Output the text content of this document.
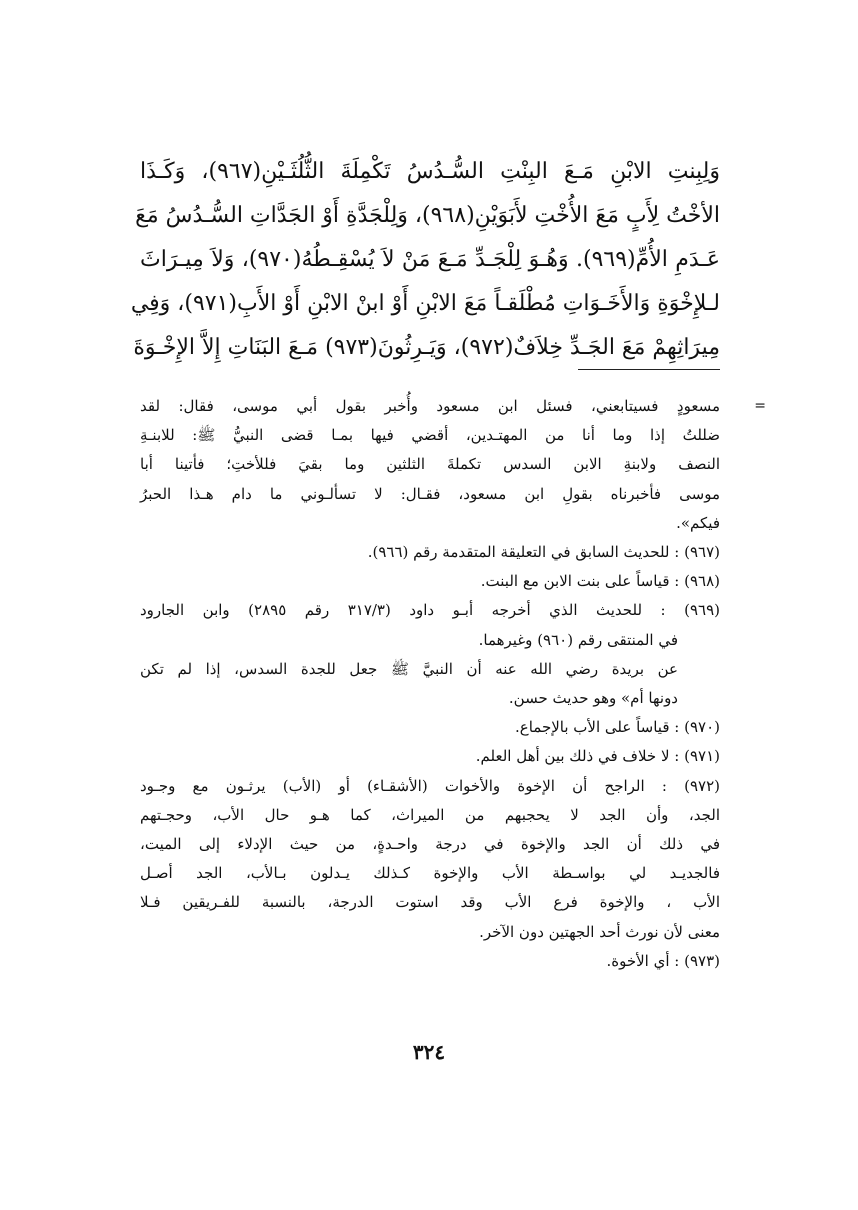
وَلِبِنتِ الابْنِ مَـعَ البِنْتِ السُّـدُسُ تَكْمِلَةَ الثُّلُثَـيْنِ(٩٦٧)، وَكَـذَا
الأخْتُ لِأَبٍ مَعَ الأُخْتِ لأَبَوَيْنِ(٩٦٨)، وَلِلْجَدَّةِ أَوْ الجَدَّاتِ السُّـدُسُ مَعَ
عَـدَمِ الأُمِّ(٩٦٩). وَهُـوَ لِلْجَـدِّ مَـعَ مَنْ لاَ يُسْقِـطُهُ(٩٧٠)، وَلاَ مِيـرَاثَ
لـلإِخْوَةِ وَالأَخَـوَاتِ مُطْلَقـاً مَعَ الابْنِ أَوْ ابنْ الابْنِ أَوْ الأَبِ(٩٧١)، وَفِي
مِيرَاثِهِمْ مَعَ الجَـدِّ خِلاَفٌ(٩٧٢)، وَيَـرِثُونَ(٩٧٣) مَـعَ البَنَاتِ إِلاَّ الإِخْـوَةَ
=
مسعودٍ فسيتابعني، فسئل ابن مسعود وأُخبر بقول أبي موسى، فقال: لقد
ضللتُ إذا وما أنا من المهتـدين، أقضي فيها بمـا قضى النبيُّ ﷺ: للابنـةِ
النصف ولابنةِ الابن السدس تكملةَ الثلثين وما بقيَ فللأختِ؛ فأتينا أبا
موسى فأخبرناه بقولِ ابن مسعود، فقـال: لا تسألـوني ما دام هـذا الحبرُ
فيكم».
(٩٦٧) : للحديث السابق في التعليقة المتقدمة رقم (٩٦٦).
(٩٦٨) : قياساً على بنت الابن مع البنت.
(٩٦٩) : للحديث الذي أخرجه أبـو داود (٣١٧/٣ رقم ٢٨٩٥) وابن الجارود
في المنتقى رقم (٩٦٠) وغيرهما.
عن بريدة رضي الله عنه أن النبيَّ ﷺ جعل للجدة السدس، إذا لم تكن
دونها أم» وهو حديث حسن.
(٩٧٠) : قياساً على الأب بالإجماع.
(٩٧١) : لا خلاف في ذلك بين أهل العلم.
(٩٧٢) : الراجح أن الإخوة والأخوات (الأشقـاء) أو (الأب) يرثـون مع وجـود
الجد، وأن الجد لا يحجبهم من الميراث، كما هـو حال الأب، وحجـتهم
في ذلك أن الجد والإخوة في درجة واحـدةٍ، من حيث الإدلاء إلى الميت،
فالجديـد لي بواسـطة الأب والإخوة كـذلك يـدلون بـالأب، الجد أصـل
الأب ، والإخوة فرع الأب وقد استوت الدرجة، بالنسبة للفـريقين فـلا
معنى لأن نورث أحد الجهتين دون الآخر.
(٩٧٣) : أي الأخوة.
٣٢٤
